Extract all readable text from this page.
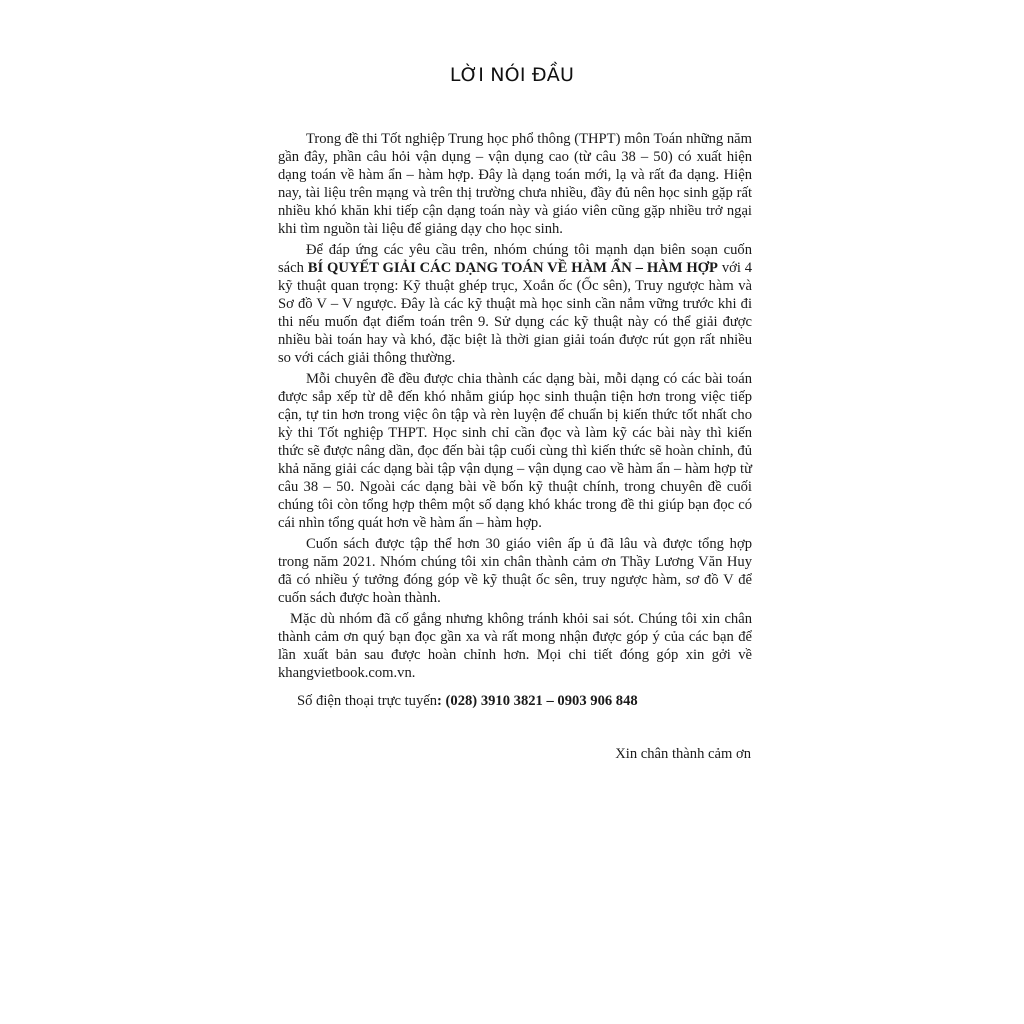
LỜI NÓI ĐẦU

Trong đề thi Tốt nghiệp Trung học phổ thông (THPT) môn Toán những năm gần đây, phần câu hỏi vận dụng – vận dụng cao (từ câu 38 – 50) có xuất hiện dạng toán về hàm ẩn – hàm hợp. Đây là dạng toán mới, lạ và rất đa dạng. Hiện nay, tài liệu trên mạng và trên thị trường chưa nhiều, đầy đủ nên học sinh gặp rất nhiều khó khăn khi tiếp cận dạng toán này và giáo viên cũng gặp nhiều trở ngại khi tìm nguồn tài liệu để giảng dạy cho học sinh.

Để đáp ứng các yêu cầu trên, nhóm chúng tôi mạnh dạn biên soạn cuốn sách BÍ QUYẾT GIẢI CÁC DẠNG TOÁN VỀ HÀM ẨN – HÀM HỢP với 4 kỹ thuật quan trọng: Kỹ thuật ghép trục, Xoắn ốc (Ốc sên), Truy ngược hàm và Sơ đồ V – V ngược. Đây là các kỹ thuật mà học sinh cần nắm vững trước khi đi thi nếu muốn đạt điểm toán trên 9. Sử dụng các kỹ thuật này có thể giải được nhiều bài toán hay và khó, đặc biệt là thời gian giải toán được rút gọn rất nhiều so với cách giải thông thường.

Mỗi chuyên đề đều được chia thành các dạng bài, mỗi dạng có các bài toán được sắp xếp từ dễ đến khó nhằm giúp học sinh thuận tiện hơn trong việc tiếp cận, tự tin hơn trong việc ôn tập và rèn luyện để chuẩn bị kiến thức tốt nhất cho kỳ thi Tốt nghiệp THPT. Học sinh chỉ cần đọc và làm kỹ các bài này thì kiến thức sẽ được nâng dần, đọc đến bài tập cuối cùng thì kiến thức sẽ hoàn chỉnh, đủ khả năng giải các dạng bài tập vận dụng – vận dụng cao về hàm ẩn – hàm hợp từ câu 38 – 50. Ngoài các dạng bài về bốn kỹ thuật chính, trong chuyên đề cuối chúng tôi còn tổng hợp thêm một số dạng khó khác trong đề thi giúp bạn đọc có cái nhìn tổng quát hơn về hàm ẩn – hàm hợp.

Cuốn sách được tập thể hơn 30 giáo viên ấp ủ đã lâu và được tổng hợp trong năm 2021. Nhóm chúng tôi xin chân thành cảm ơn Thầy Lương Văn Huy đã có nhiều ý tưởng đóng góp về kỹ thuật ốc sên, truy ngược hàm, sơ đồ V để cuốn sách được hoàn thành.

Mặc dù nhóm đã cố gắng nhưng không tránh khỏi sai sót. Chúng tôi xin chân thành cảm ơn quý bạn đọc gần xa và rất mong nhận được góp ý của các bạn để lần xuất bản sau được hoàn chỉnh hơn. Mọi chi tiết đóng góp xin gởi về khangvietbook.com.vn.

Số điện thoại trực tuyến: (028) 3910 3821 – 0903 906 848
Xin chân thành cảm ơn
